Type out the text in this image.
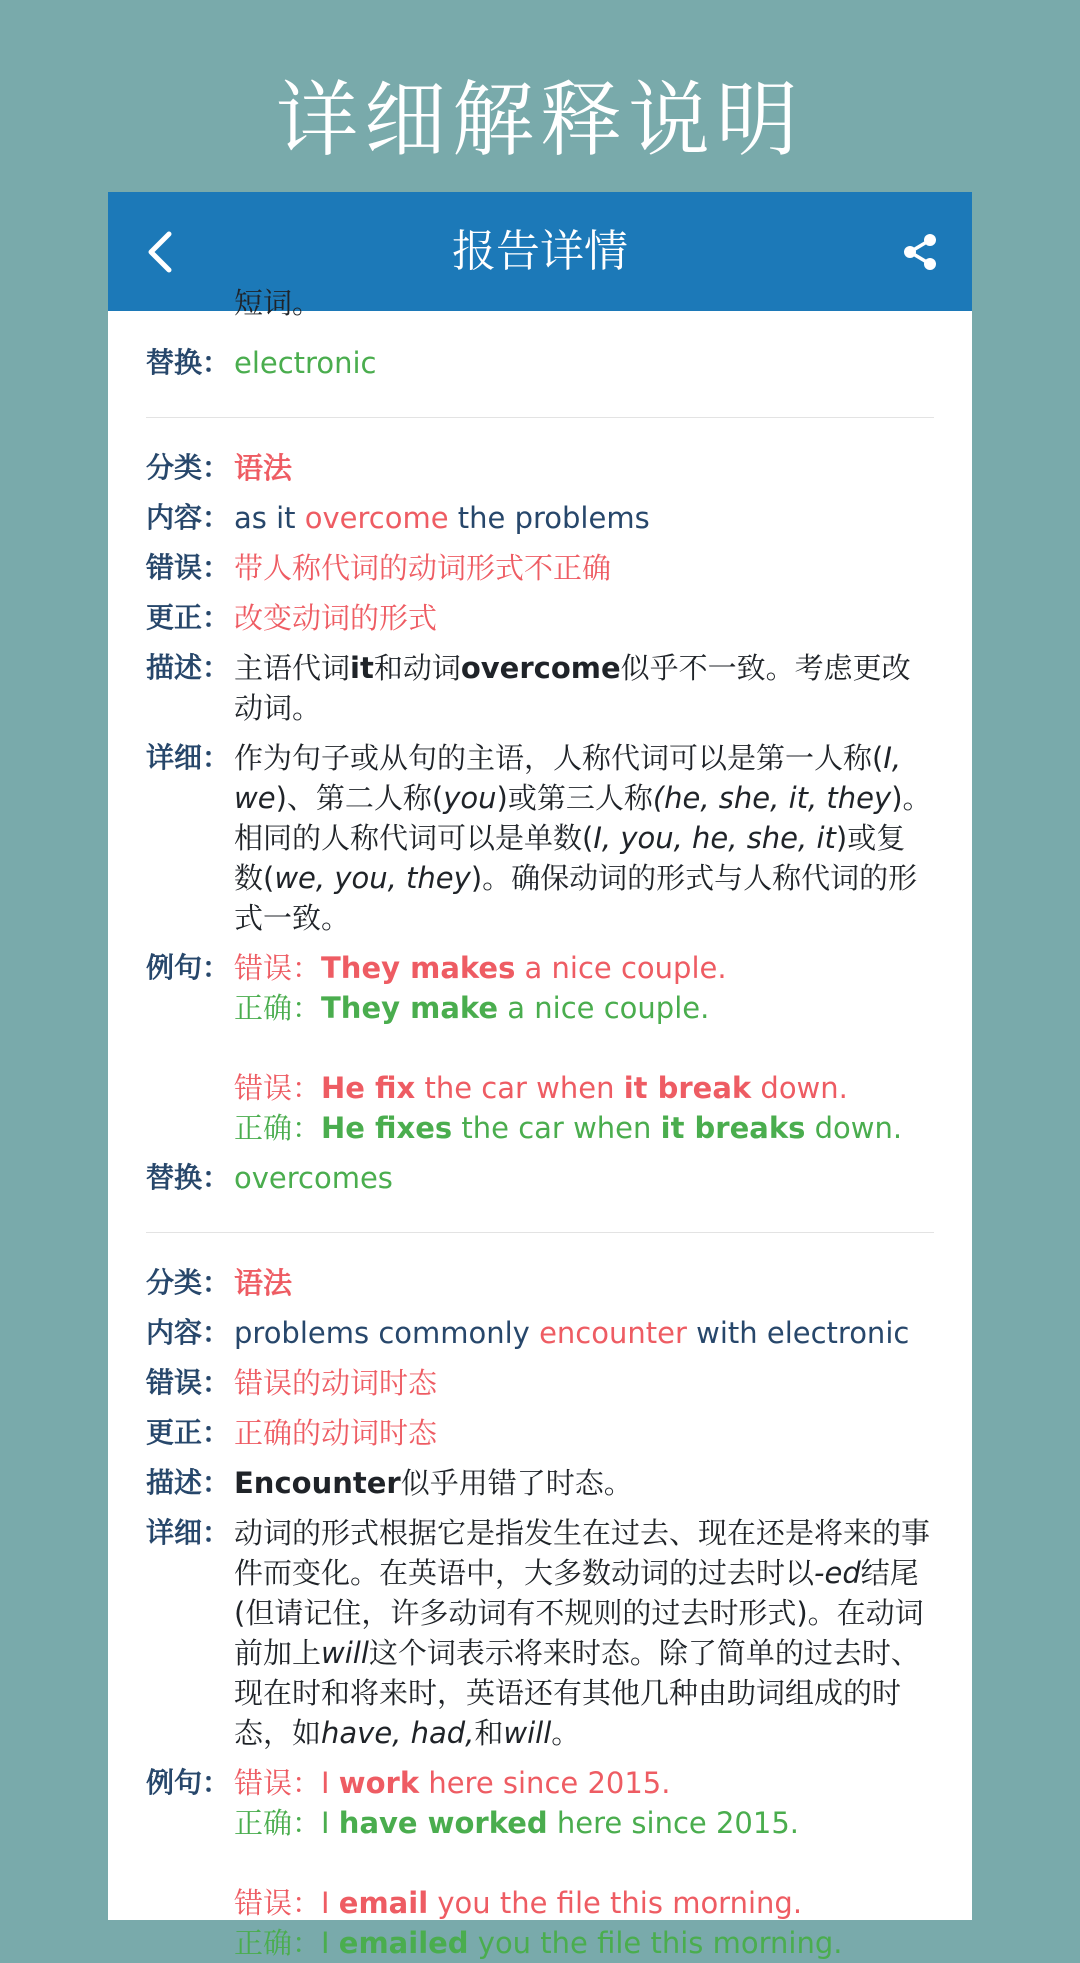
详细解释说明
报告详情
短词。
替换： electronic
分类： 语法
内容： as it overcome the problems
错误： 带人称代词的动词形式不正确
更正： 改变动词的形式
描述： 主语代词it和动词overcome似乎不一致。考虑更改动词。
详细： 作为句子或从句的主语，人称代词可以是第一人称(I, we)、第二人称(you)或第三人称(he, she, it, they)。相同的人称代词可以是单数(I, you, he, she, it)或复数(we, you, they)。确保动词的形式与人称代词的形式一致。
例句： 错误：They makes a nice couple.
正确：They make a nice couple.
错误：He fix the car when it break down.
正确：He fixes the car when it breaks down.
替换： overcomes
分类： 语法
内容： problems commonly encounter with electronic
错误： 错误的动词时态
更正： 正确的动词时态
描述： Encounter似乎用错了时态。
详细： 动词的形式根据它是指发生在过去、现在还是将来的事件而变化。在英语中，大多数动词的过去时以-ed结尾(但请记住，许多动词有不规则的过去时形式)。在动词前加上will这个词表示将来时态。除了简单的过去时、现在时和将来时，英语还有其他几种由助词组成的时态，如have, had,和will。
例句： 错误：I work here since 2015.
正确：I have worked here since 2015.
错误：I email you the file this morning.
正确：I emailed you the file this morning.
